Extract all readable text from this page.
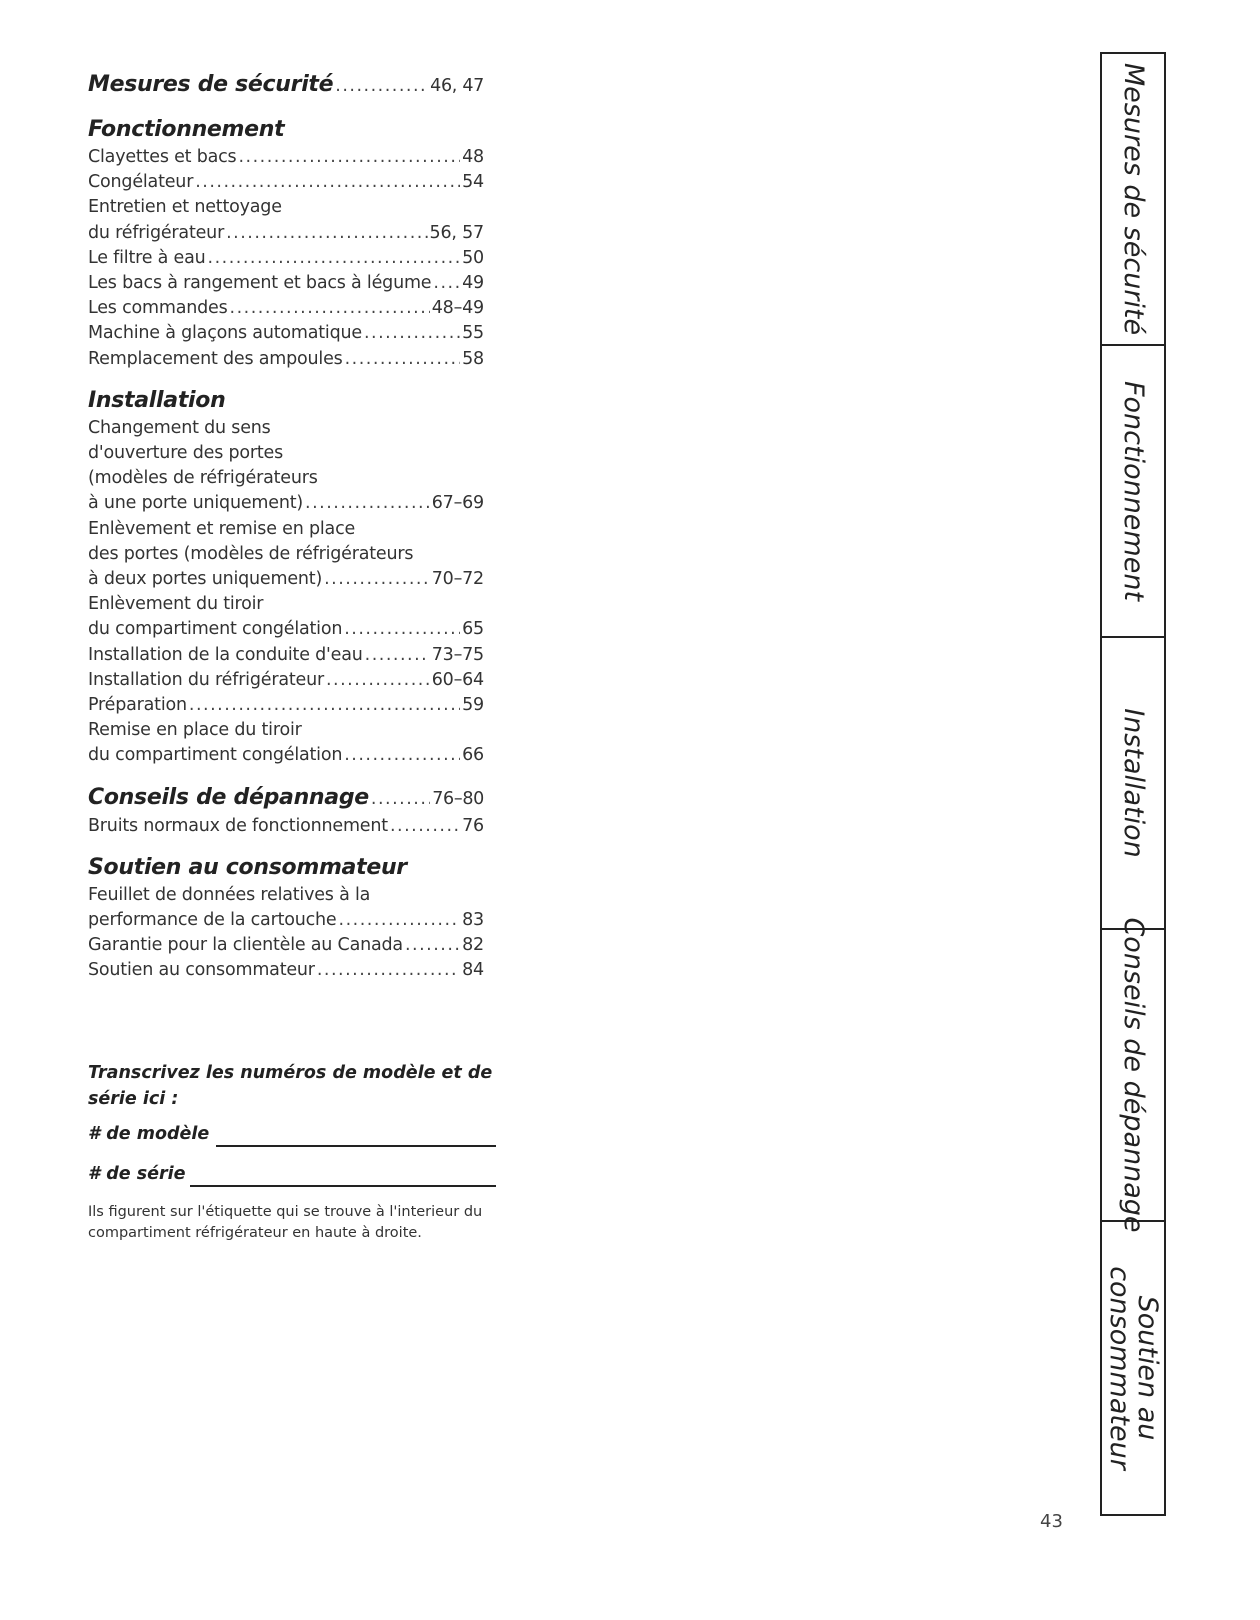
Mesures de sécurité .....	46, 47
Fonctionnement
Clayettes et bacs .....	48
Congélateur .....	54
Entretien et nettoyage
du réfrigérateur .....	56, 57
Le filtre à eau .....	50
Les bacs à rangement et bacs à légume ..... 49
Les commandes .....	48–49
Machine à glaçons automatique .....	55
Remplacement des ampoules .....	58
Installation
Changement du sens
d'ouverture des portes
(modèles de réfrigérateurs
à une porte uniquement) .....	67–69
Enlèvement et remise en place
des portes (modèles de réfrigérateurs
à deux portes uniquement) .....	70–72
Enlèvement du tiroir
du compartiment congélation .....	65
Installation de la conduite d'eau .....	73–75
Installation du réfrigérateur .....	60–64
Préparation .....	59
Remise en place du tiroir
du compartiment congélation .....	66
Conseils de dépannage .....	76–80
Bruits normaux de fonctionnement .....	76
Soutien au consommateur
Feuillet de données relatives à la
performance de la cartouche .....	83
Garantie pour la clientèle au Canada .....	82
Soutien au consommateur .....	84
Transcrivez les numéros de modèle et de série ici :
# de modèle
# de série
Ils figurent sur l'étiquette qui se trouve à l'interieur du compartiment réfrigérateur en haute à droite.
43
Mesures de sécurité
Fonctionnement
Installation
Conseils de dépannage
Soutien au
consommateur
